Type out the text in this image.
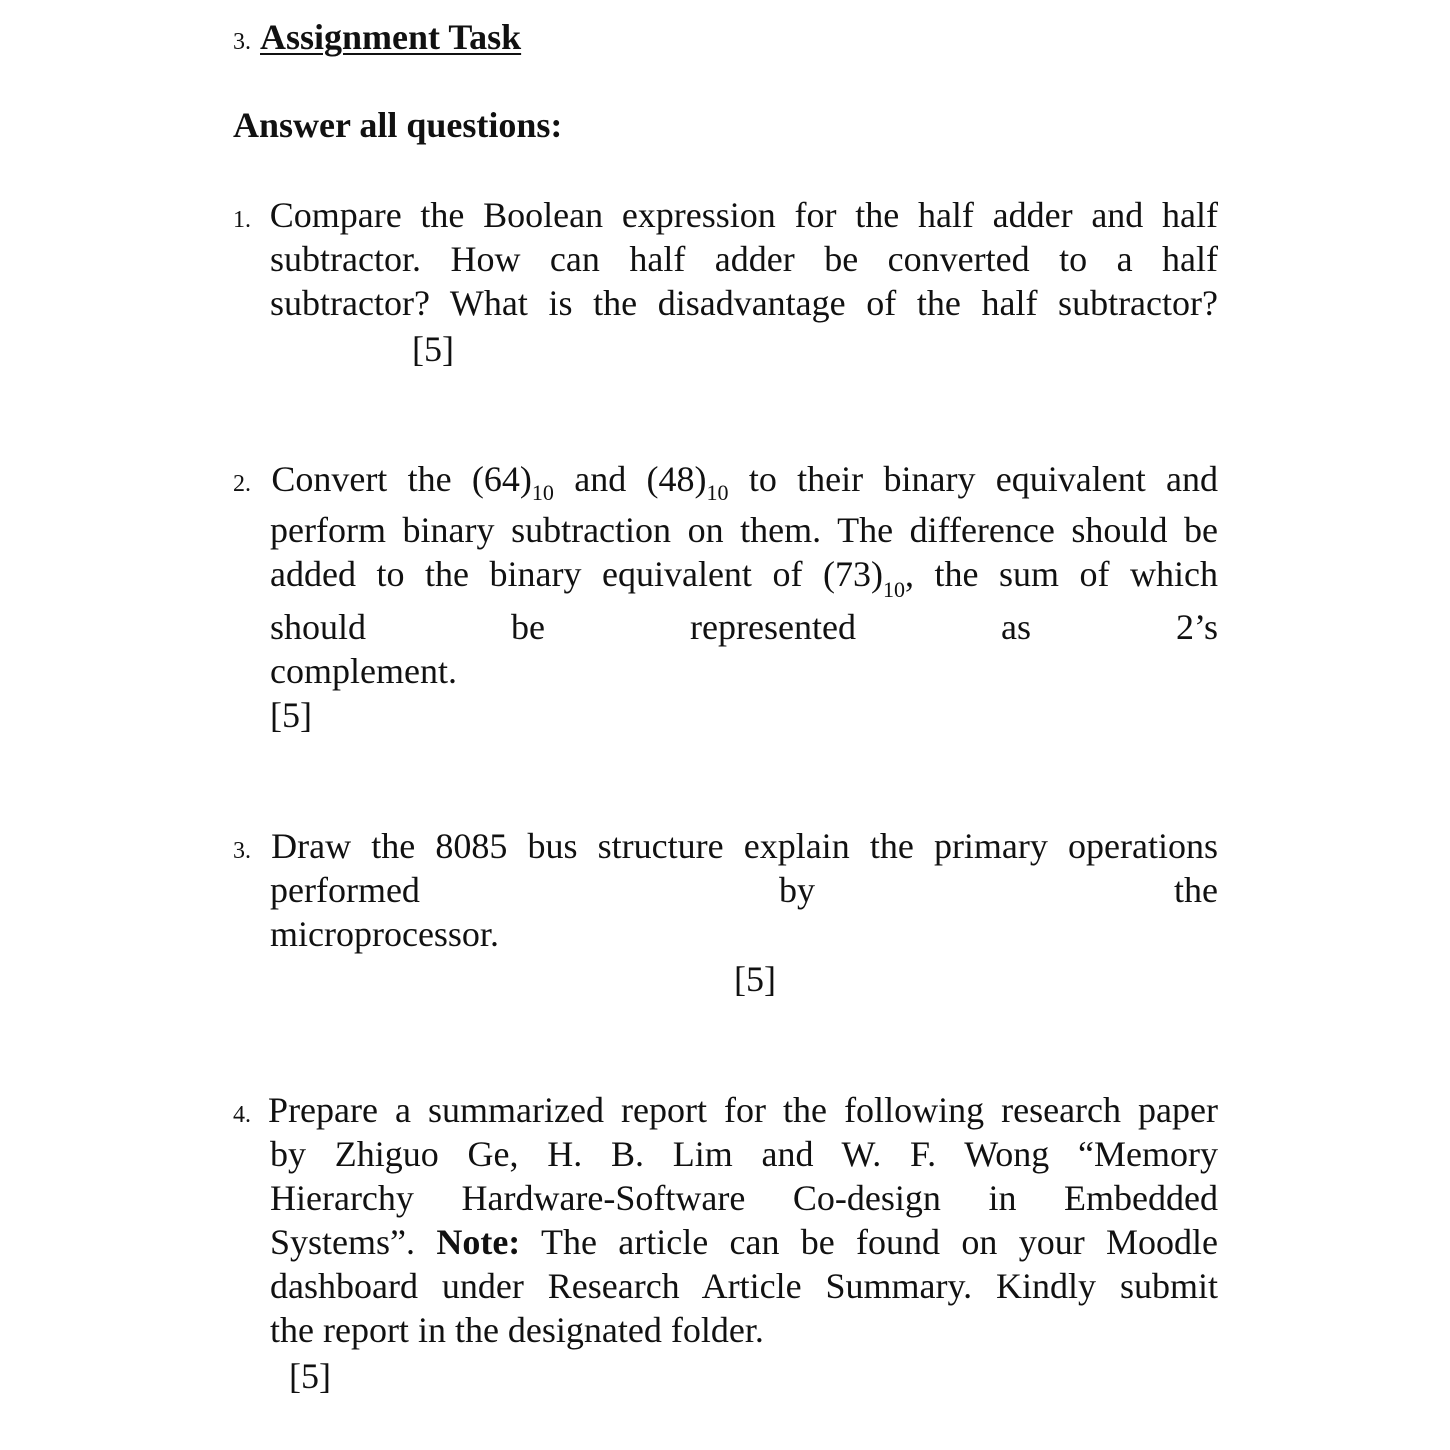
3. Assignment Task
Answer all questions:
1. Compare the Boolean expression for the half adder and half
subtractor. How can half adder be converted to a half
subtractor? What is the disadvantage of the half subtractor?
[5]
2. Convert the $(64)_{10}$ and $(48)_{10}$ to their binary equivalent and
perform binary subtraction on them. The difference should be
added to the binary equivalent of $(73)_{10}$, the sum of which
should be represented as 2’s
complement.
[5]
3. Draw the 8085 bus structure explain the primary operations
performed by the
microprocessor.
[5]
4. Prepare a summarized report for the following research paper
by Zhiguo Ge, H. B. Lim and W. F. Wong “Memory
Hierarchy Hardware-Software Co-design in Embedded
Systems”. Note: The article can be found on your Moodle
dashboard under Research Article Summary. Kindly submit
the report in the designated folder.
[5]
